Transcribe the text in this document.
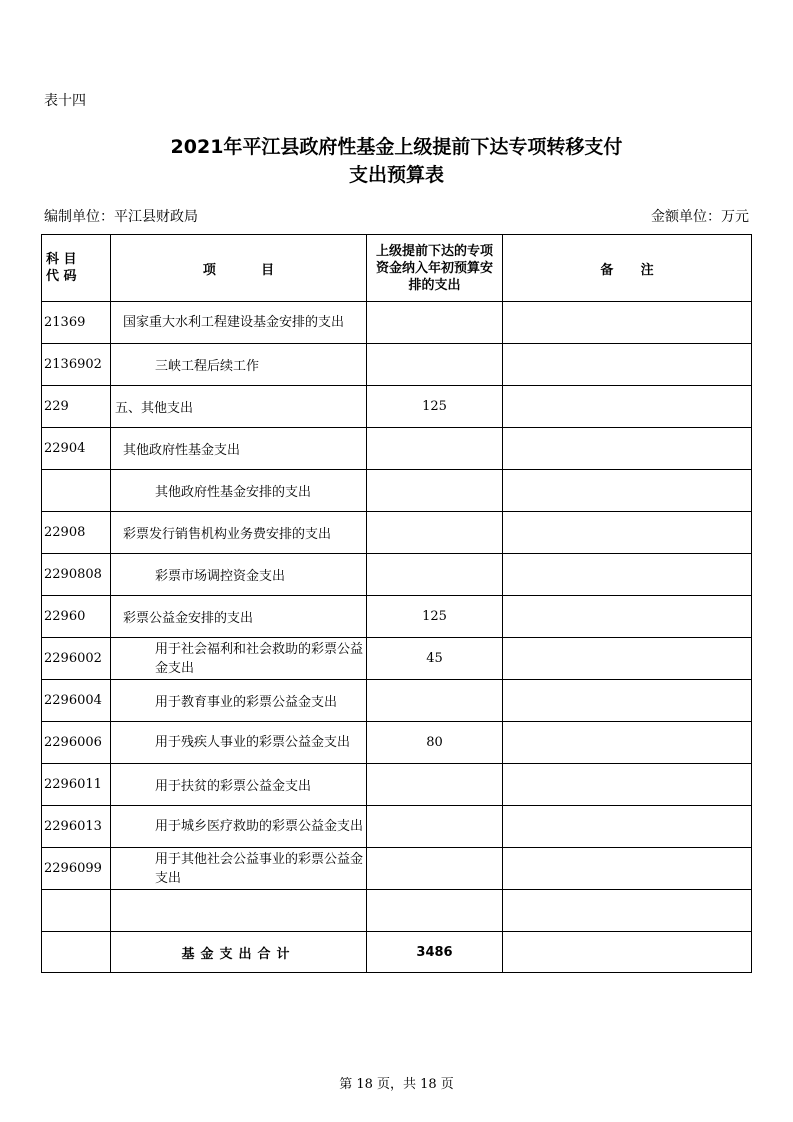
表十四
2021年平江县政府性基金上级提前下达专项转移支付
支出预算表
编制单位：平江县财政局	金额单位：万元
科 目
代 码	项          目	上级提前下达的专项资金纳入年初预算安排的支出	备      注
21369	国家重大水利工程建设基金安排的支出		
2136902	三峡工程后续工作		
229	五、其他支出	125	
22904	其他政府性基金支出		
	其他政府性基金安排的支出		
22908	彩票发行销售机构业务费安排的支出		
2290808	彩票市场调控资金支出		
22960	彩票公益金安排的支出	125	
2296002	用于社会福利和社会救助的彩票公益金支出	45	
2296004	用于教育事业的彩票公益金支出		
2296006	用于残疾人事业的彩票公益金支出	80	
2296011	用于扶贫的彩票公益金支出		
2296013	用于城乡医疗救助的彩票公益金支出		
2296099	用于其他社会公益事业的彩票公益金支出		

	基金支出合计	3486	
第 18 页，共 18 页
